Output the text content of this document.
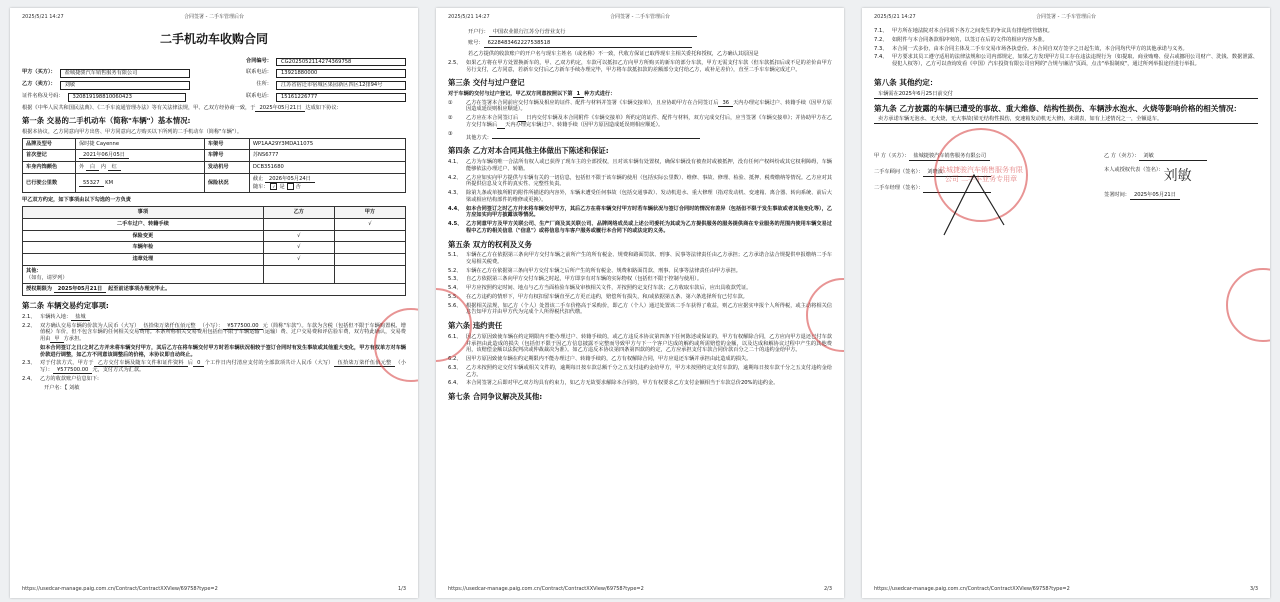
2025/5/21 14:27	合同签署 - 二手车管理后台
二手机动车收购合同
合同编号：	CG20250521142743697​58
甲方（买方）：	盐城捷骏汽车销售服务有限公司	联系电话：	13921880000
乙方（卖方）：	刘敏	住所：	江苏省宿迁市宿城区果园新区四区12排94号
证件名称及号码：	320819198810060423	联系电话：	15161226777
根据《中华人民共和国民法典》、《二手车流通管理办法》等有关法律法规，甲、乙双方经协商一致，于 2025年05月21日 达成如下协议：
第一条 交易的二手机动车（简称"车辆"）基本情况:
根据本协议，乙方同意向甲方出售、甲方同意向乙方购买以下所列的二手机动车（简称"车辆"）。
品牌及型号	保时捷 Cayenne	车架号	WP1AA29Y3MDA11075
首次登记	2021年06月05日	车牌号	苏NS6777
车身内饰颜色	外 白 内 红	发动机号	DCB351680
已行驶公里数	55327 KM	保险状况	截止 2026年05月24日
随车： ✓ 是 否
甲乙双方约定，如下事项由以下勾选的一方负责
事项	乙方	甲方
二手车过户、转籍手续		√
保险变更	√	
车辆年检	√	
违章处理	√	
其他：
（如有，请罗列）		
授权期限为 2025年05月21日 起至前述事项办理完毕止。		
第二条 车辆交易约定事项:
2.1、 车辆转入地： 盐城
2.2、 双方确认交易车辆的价款为人民币（大写） 伍拾柒万柒仟伍佰元整 （小写）： ¥577500.00 元（简称"车款"）。车款为含税（包括但不限于车辆购置税、增值税）车价，但不包含车辆的任何相关交易费用。本条所称相关交易费用包括但不限于车辆运输（运输）费、过户交易费和评估验车费，双方特此确认，交易费用由 甲 方承担。
如本合同签订之日/之时乙方并未将车辆交付甲方，其后乙方在将车辆交付甲方时若车辆状况相较于签订合同时有发生事故或其他重大变化，甲方有权单方对车辆价款进行调整，如乙方不同意该调整后的价格，本协议即自动终止。
2.3、 对于付款方式，甲方于 乙方交付车辆及随车文件和证件资料 后 0 个工作日内付清应支付的全部款项共计人民币（大写） 伍拾柒万柒仟伍佰元整 （小写）： ¥577500.00 元，支付方式为汇款。
2.4、 乙方的收款账户信息如下:
开户名：【 刘敏
https://usedcar-manage.paig.com.cn/Contract/ContractXXView/69758?type=2	1/3
2025/5/21 14:27	合同签署 - 二手车管理后台
开户行： 中国农业银行江苏分行营业支行
账号： 6228483462227538518
若乙方提供的收款账户的开户名与现车主姓名（或名称）不一致，代收方保证已取得现车主相关委托和授权，乙方确认其原因是
2.5、 如果乙方将在甲方处置换新车的，甲、乙双方约定，车款可以抵扣乙方向甲方所购买的新车的部分车款，甲方无需支付车款（但车款抵扣后或不足的差价由甲方另行支付，乙方同意，若新车交付后乙方新车手续办理完毕，甲方将车款抵扣款的差额部分支付给乙方，或补足差价），直至二手车车辆完成过户。
第三条 交付与过户登记
对于车辆的交付与过户登记，甲乙双方同意按照以下第 1 种方式进行：
①	乙方在签署本合同前应交付车辆及相应的证件、配件与材料并签署《车辆交接单》，且应协助甲方在合同签订后 36 天内办理完车辆过户、转籍手续（因甲方原因造成延误则相应顺延）。
②	乙方应在本合同签订后 日内交付车辆及本合同附件《车辆交接单》所约定的证件、配件与材料，双方完成交付后，应当签署《车辆交接单》；并协助甲方在乙方交付车辆后 天内办理完车辆过户、转籍手续（因甲方原因造成延误则相应顺延）。
③
其他方式：
第四条 乙方对本合同其他主体做出下陈述和保证:
4.1、 乙方为车辆的唯一合法所有权人或已获得了现车主的全部授权，且对该车辆有处置权，确保车辆没有被查封或被抵押，没有任何产权纠纷或其它权利障碍，车辆能够依法办理过户、转籍。
4.2、 乙方应如实向甲方提供与车辆有关的一切信息，包括但不限于该车辆的使用（包括实际公里数）、维修、事故、修理、检验、抵押、税费缴纳等情况。乙方应对其所提供信息及文件的真实性、完整性负责。
4.3、 除第九条或单独所附的附件所描述的内容外，车辆未遭受任何事故（包括交通事故）、发动机进水、重大修理（指对发动机、变速箱、离合器、转向系统、前后大梁或相应结构部件的维修或更换）。
4.4、 如本合同签订之时乙方并未将车辆交付甲方，其后乙方在将车辆交付甲方时若车辆状况与签订合同时的情况有差异（包括但不限于发生事故或者其他变化等），乙方应如实向甲方披露该等情况。
4.5、 乙方同意甲方及甲方关联公司、生产厂商及其关联公司、品牌网络成员或上述公司委托为其或为乙方提供服务的服务提供商在专业服务的范围内使用车辆交易过程中乙方的相关信息（"信息"）或将信息与车客户服务或履行本合同下的或法定的义务。
第五条 双方的权利及义务
5.1、 车辆在乙方在依据第三条向甲方交付车辆之前所产生的所有税金、规费和路面罚款、刑事、民事等法律责任由乙方承担；乙方承诺合法合规提供申报缴纳二手车交易相关税费。
5.2、 车辆在乙方在依据第三条向甲方交付车辆之后所产生的所有税金、规费和路面罚款、刑事、民事等法律责任由甲方承担。
5.3、 自乙方依据第三条向甲方交付车辆之时起，甲方即享有对车辆的实际物权（包括但不限于控制与使用）。
5.4、 甲方应按照约定时间、地点与乙方当面检验车辆及审核相关文件，并按照约定支付车款；乙方收取车款后，应出具收款凭证。
5.5、 在乙方违约的情形下，甲方有权扣留车辆直至乙方更正违约，赔偿所有损失，和/或依据第五条、第六条选择所有已付车款。
5.6、 根据相关法规，如乙方（个人）处置该二手车价格高于采购价，即乙方（个人）通过处置该二手车获得了收益，则乙方应据实申报个人所得税，或主动将相关信息告知甲方并由甲方代为完成个人所得税代扣代缴。
第六条 违约责任
6.1、 因乙方原因致使车辆在约定期限内不能办理过户、转籍手续的，或乙方违反本协议第四条下任何陈述或保证的，甲方有权解除合同，乙方应向甲方退还已付车款并承担由此造成的损失（包括但不限于因乙方信息披露不完整而导致甲方与下一个客户达成的解约或所需赔偿的金额，以及达成和解协议过程中产生的其他费用，该赔偿金额以法院判决或仲裁裁决为准）。如乙方违反本协议第四条第四款的约定，乙方应承担支付车款合同价款百分之二十的违约金给甲方。
6.2、 因甲方原因致使车辆在约定期限内不能办理过户、转籍手续的，乙方有权解除合同，甲方应退还车辆并承担由此造成的损失。
6.3、 乙方未按照约定交付车辆或相关文件的，逾期每日按车款总额千分之五支付违约金给甲方，甲方未按照约定支付车款的，逾期每日按车款千分之五支付违约金给乙方。
6.4、 本合同签署之后即对甲乙双方均具有约束力，如乙方无故要求解除本合同的，甲方有权要求乙方支付金额相当于车款总价20%的违约金。
第七条 合同争议解决及其他:
https://usedcar-manage.paig.com.cn/Contract/ContractXXView/69758?type=2	2/3
2025/5/21 14:27	合同签署 - 二手车管理后台
7.1、 甲方所在地法院对本合同项下各方之间发生的争议具有排他性管辖权。
7.2、 如附件与本合同条款相冲突的，以签订在后的文件的相应内容为准。
7.3、 本合同一式多份，由本合同主体及二手车交易市场各执壹份。本合同自双方签字之日起生效，本合同均代甲方的其他承诺与义务。
7.4、 甲方要求其员工遵守适用的法律法规和公司内部规定，如果乙方发现甲方员工存在违法违规行为（如提取、商业贿赂、侵占或挪用公司财产、洗钱、数据泄露、侵犯人权等），乙方可以查询发看《中国）汽车投资有限公司官网的"合规与廉洁"页面，点击"举报制度"，通过所列举报途径进行举报。
第八条 其他约定：
车辆需在2025年6月25日前交付
第九条 乙方披露的车辆已遭受的事故、重大维修、结构性损伤、车辆涉水泡水、火烧等影响价格的相关情况：
卖方承诺车辆无泡水、无火烧，无大事故(梁无结构性损伤，变速箱发动机无大修)，未调表，如有上述情况之一，全额退车。
甲 方（买方）： 盐城捷骏汽车销售服务有限公司
二手车顾问（签名）： 刘晓波
二手车经理（签名）：
乙 方（卖方）： 刘敏
本人或授权代表（签名）： 刘敏
签署时间： 2025年05月21日
盐城捷骏汽车销售服务有限公司 二手车业务专用章
https://usedcar-manage.paig.com.cn/Contract/ContractXXView/69758?type=2	3/3
